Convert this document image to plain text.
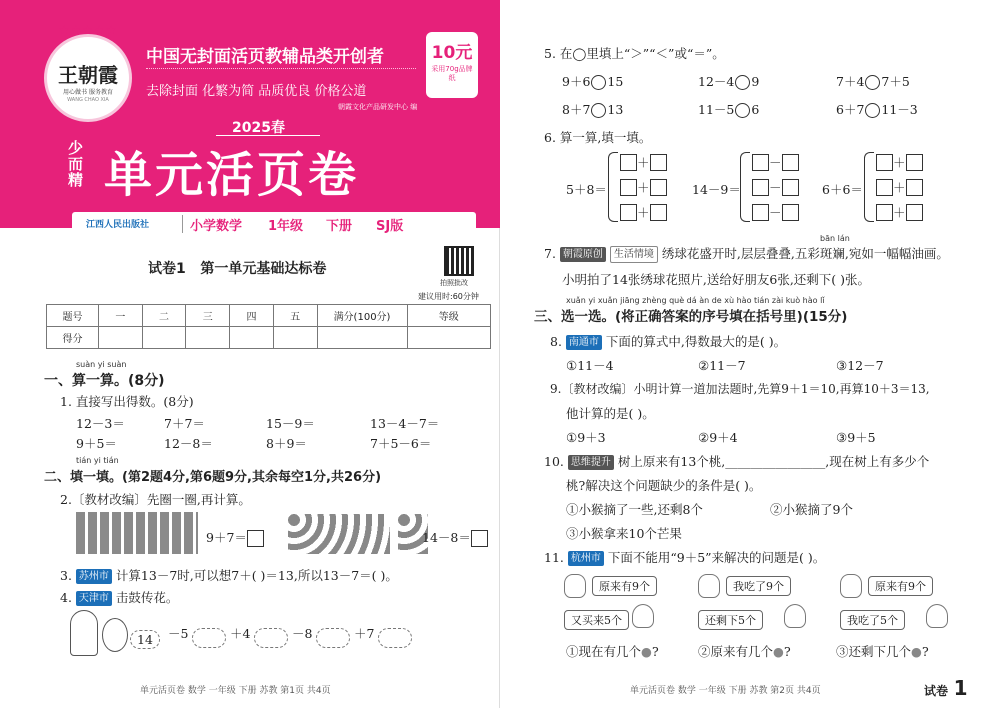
★★★★★
王朝霞
用心做书 服务教育
WANG CHAO XIA
中国无封面活页教辅品类开创者
去除封面 化繁为简 品质优良 价格公道
朝霞文化产品研发中心 编
10元
采用70g品牌纸
2025春
少而精 单元活页卷
江西人民出版社	小学数学 1年级 下册 SJ版
试卷1 第一单元基础达标卷
拍照批改
建议用时:60分钟
题号	一	二	三	四	五	满分(100分)	等级
得分							
suàn yi suàn
一、算一算。(8分)
1. 直接写出得数。(8分)
12－3＝	7＋7＝	15－9＝	13－4－7＝
9＋5＝	12－8＝	8＋9＝	7＋5－6＝
tián yi tián
二、填一填。(第2题4分,第6题9分,其余每空1分,共26分)
2.〔教材改编〕先圈一圈,再计算。
9＋7＝	14－8＝
3. 苏州市 计算13－7时,可以想7＋( )＝13,所以13－7＝( )。
4. 天津市 击鼓传花。
14	－5	＋4	－8	＋7
单元活页卷 数学 一年级 下册 苏教 第1页 共4页
5. 在◯里填上“＞”“＜”或“＝”。
9＋6 15	12－4 9	7＋4 7＋5
8＋7 13	11－5 6	6＋7 11－3
6. 算一算,填一填。
5＋8＝
＋
＋
＋
14－9＝
－
－
－
6＋6＝
＋
＋
＋
bān lán
7. 朝霞原创 生活情境 绣球花盛开时,层层叠叠,五彩斑斓,宛如一幅幅油画。
小明拍了14张绣球花照片,送给好朋友6张,还剩下( )张。
xuǎn yi xuǎn jiāng zhèng què dá àn de xù hào tián zài kuò hào lǐ
三、选一选。(将正确答案的序号填在括号里)(15分)
8. 南通市 下面的算式中,得数最大的是( )。
①11－4	②11－7	③12－7
9.〔教材改编〕小明计算一道加法题时,先算9＋1＝10,再算10＋3＝13,
他计算的是( )。
①9＋3	②9＋4	③9＋5
10. 思维提升 树上原来有13个桃,________________,现在树上有多少个
桃?解决这个问题缺少的条件是( )。
①小猴摘了一些,还剩8个	②小猴摘了9个
③小猴拿来10个芒果
11. 杭州市 下面不能用“9＋5”来解决的问题是( )。
原来有9个
又买来5个
我吃了9个
还剩下5个
原来有9个
我吃了5个
①现在有几个●?	②原来有几个●?	③还剩下几个●?
单元活页卷 数学 一年级 下册 苏教 第2页 共4页	试卷 1
